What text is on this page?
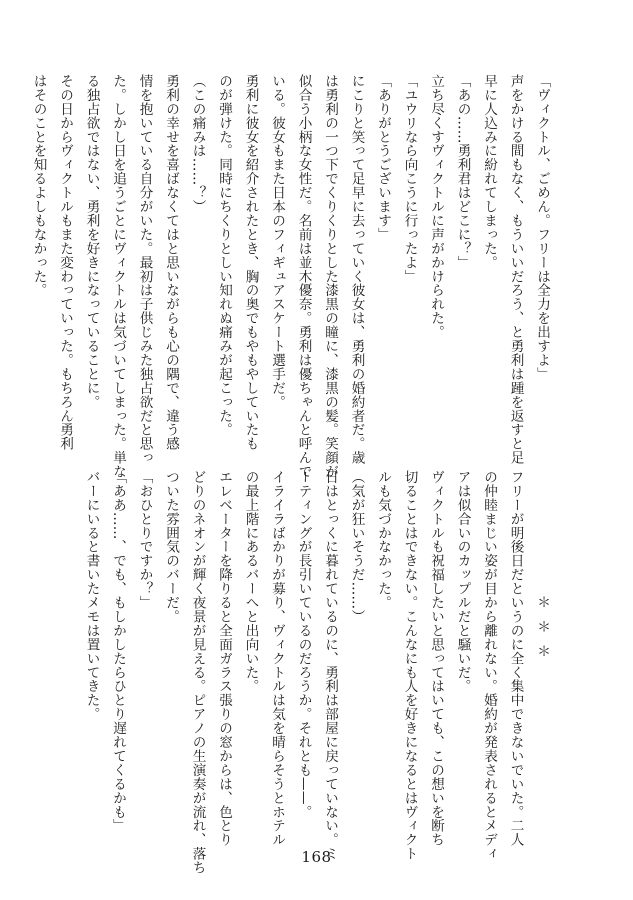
「ヴィクトル、ごめん。フリーは全力を出すよ」
声をかける間もなく、もういいだろう、と勇利は踵を返すと足
早に人込みに紛れてしまった。
「あの……勇利君はどこに？」
立ち尽くすヴィクトルに声がかけられた。
「ユウリなら向こうに行ったよ」
「ありがとうございます」
にこりと笑って足早に去っていく彼女は、勇利の婚約者だ。歳
は勇利の一つ下でくりくりとした漆黒の瞳に、漆黒の髪。笑顔が
似合う小柄な女性だ。名前は並木優奈。勇利は優ちゃんと呼んで
いる。彼女もまた日本のフィギュアスケート選手だ。
勇利に彼女を紹介されたとき、胸の奥でもやもやしていたも
のが弾けた。同時にちくりとしい知れぬ痛みが起こった。
（この痛みは……？）
勇利の幸せを喜ばなくてはと思いながらも心の隅で、違う感
情を抱いている自分がいた。最初は子供じみた独占欲だと思っ
た。しかし日を追うごとにヴィクトルは気づいてしまった。単な
る独占欲ではない、勇利を好きになっていることに。
その日からヴィクトルもまた変わっていった。もちろん勇利
はそのことを知るよしもなかった。
＊＊＊
フリーが明後日だというのに全く集中できないでいた。二人
の仲睦まじい姿が目から離れない。婚約が発表されるとメディ
アは似合いのカップルだと騒いだ。
ヴィクトルも祝福したいと思ってはいても、この想いを断ち
切ることはできない。こんなにも人を好きになるとはヴィクト
ルも気づかなかった。
（気が狂いそうだ……）
日はとっくに暮れているのに、勇利は部屋に戻っていない。ミ
ーティングが長引いているのだろうか。それとも——。
イライラばかりが募り、ヴィクトルは気を晴らそうとホテル
の最上階にあるバーへと出向いた。
エレベーターを降りると全面ガラス張りの窓からは、色とり
どりのネオンが輝く夜景が見える。ピアノの生演奏が流れ、落ち
ついた雰囲気のバーだ。
「おひとりですか？」
「ああ……、でも、もしかしたらひとり遅れてくるかも」
バーにいると書いたメモは置いてきた。
168
